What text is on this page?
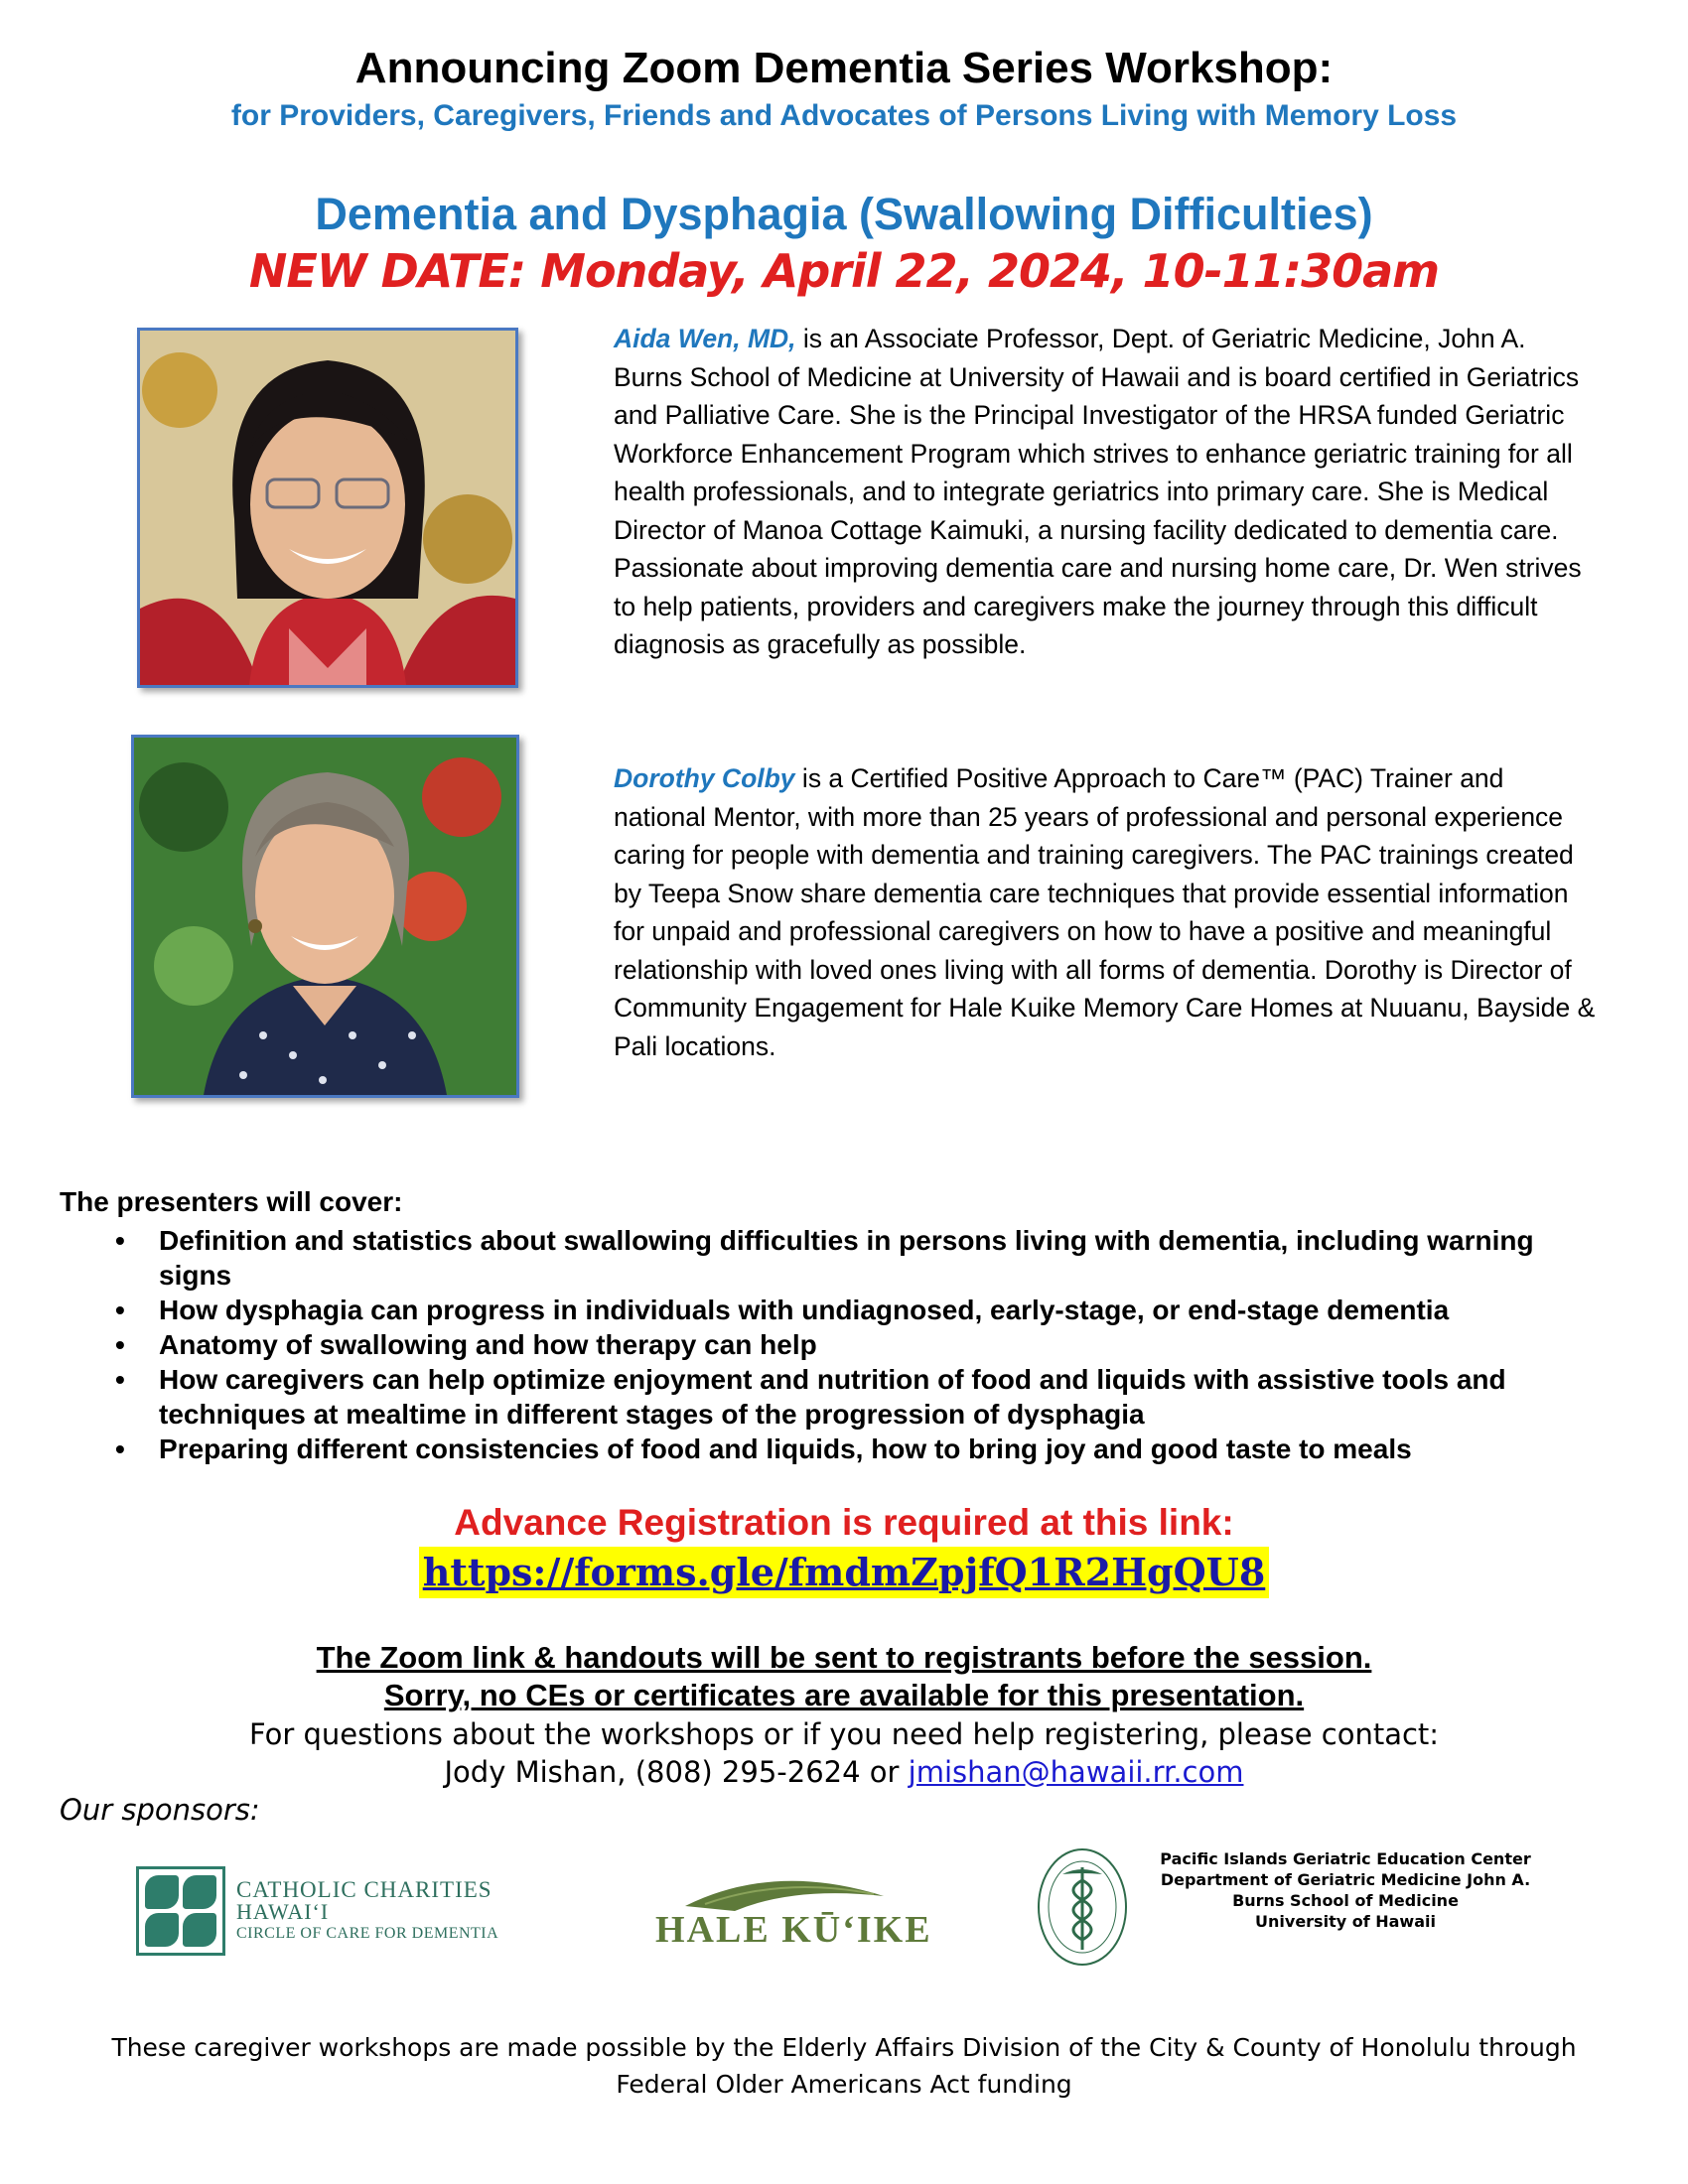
Announcing Zoom Dementia Series Workshop:
for Providers, Caregivers, Friends and Advocates of Persons Living with Memory Loss
Dementia and Dysphagia (Swallowing Difficulties)
NEW DATE: Monday, April 22, 2024, 10-11:30am
Aida Wen, MD, is an Associate Professor, Dept. of Geriatric Medicine, John A. Burns School of Medicine at University of Hawaii and is board certified in Geriatrics and Palliative Care. She is the Principal Investigator of the HRSA funded Geriatric Workforce Enhancement Program which strives to enhance geriatric training for all health professionals, and to integrate geriatrics into primary care. She is Medical Director of Manoa Cottage Kaimuki, a nursing facility dedicated to dementia care. Passionate about improving dementia care and nursing home care, Dr. Wen strives to help patients, providers and caregivers make the journey through this difficult diagnosis as gracefully as possible.
Dorothy Colby is a Certified Positive Approach to Care™ (PAC) Trainer and national Mentor, with more than 25 years of professional and personal experience caring for people with dementia and training caregivers. The PAC trainings created by Teepa Snow share dementia care techniques that provide essential information for unpaid and professional caregivers on how to have a positive and meaningful relationship with loved ones living with all forms of dementia. Dorothy is Director of Community Engagement for Hale Kuike Memory Care Homes at Nuuanu, Bayside & Pali locations.
The presenters will cover:
• Definition and statistics about swallowing difficulties in persons living with dementia, including warning signs
• How dysphagia can progress in individuals with undiagnosed, early-stage, or end-stage dementia
• Anatomy of swallowing and how therapy can help
• How caregivers can help optimize enjoyment and nutrition of food and liquids with assistive tools and techniques at mealtime in different stages of the progression of dysphagia
• Preparing different consistencies of food and liquids, how to bring joy and good taste to meals
Advance Registration is required at this link:
https://forms.gle/fmdmZpjfQ1R2HgQU8
The Zoom link & handouts will be sent to registrants before the session.
Sorry, no CEs or certificates are available for this presentation.
For questions about the workshops or if you need help registering, please contact:
Jody Mishan, (808) 295-2624 or jmishan@hawaii.rr.com
Our sponsors:
CATHOLIC CHARITIES
HAWAI‘I
CIRCLE OF CARE FOR DEMENTIA	HALE KŪ‘IKE
Pacific Islands Geriatric Education Center
Department of Geriatric Medicine John A.
Burns School of Medicine
University of Hawaii
These caregiver workshops are made possible by the Elderly Affairs Division of the City & County of Honolulu through
Federal Older Americans Act funding
